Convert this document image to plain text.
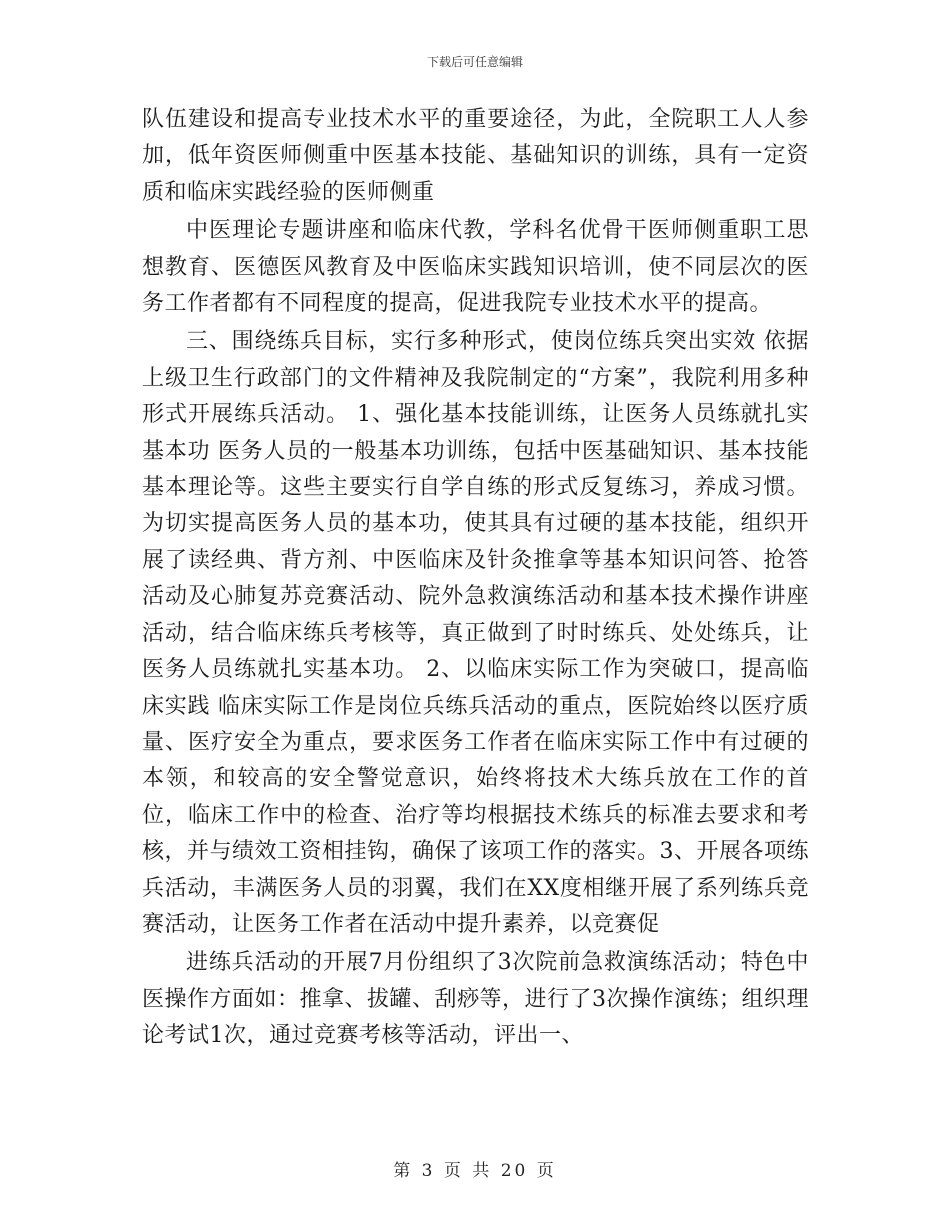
下载后可任意编辑

队伍建设和提高专业技术水平的重要途径，为此，全院职工人人参加，低年资医师侧重中医基本技能、基础知识的训练，具有一定资质和临床实践经验的医师侧重

中医理论专题讲座和临床代教，学科名优骨干医师侧重职工思想教育、医德医风教育及中医临床实践知识培训，使不同层次的医务工作者都有不同程度的提高，促进我院专业技术水平的提高。

三、围绕练兵目标，实行多种形式，使岗位练兵突出实效 依据上级卫生行政部门的文件精神及我院制定的“方案”，我院利用多种形式开展练兵活动。 1、强化基本技能训练，让医务人员练就扎实基本功 医务人员的一般基本功训练，包括中医基础知识、基本技能基本理论等。这些主要实行自学自练的形式反复练习，养成习惯。为切实提高医务人员的基本功，使其具有过硬的基本技能，组织开展了读经典、背方剂、中医临床及针灸推拿等基本知识问答、抢答活动及心肺复苏竞赛活动、院外急救演练活动和基本技术操作讲座活动，结合临床练兵考核等，真正做到了时时练兵、处处练兵，让医务人员练就扎实基本功。 2、以临床实际工作为突破口，提高临床实践 临床实际工作是岗位兵练兵活动的重点，医院始终以医疗质量、医疗安全为重点，要求医务工作者在临床实际工作中有过硬的本领，和较高的安全警觉意识，始终将技术大练兵放在工作的首位，临床工作中的检查、治疗等均根据技术练兵的标准去要求和考核，并与绩效工资相挂钩，确保了该项工作的落实。3、开展各项练兵活动，丰满医务人员的羽翼，我们在XX度相继开展了系列练兵竞赛活动，让医务工作者在活动中提升素养，以竞赛促

进练兵活动的开展7月份组织了3次院前急救演练活动；特色中医操作方面如：推拿、拔罐、刮痧等，进行了3次操作演练；组织理论考试1次，通过竞赛考核等活动，评出一、

第 3 页 共 20 页
